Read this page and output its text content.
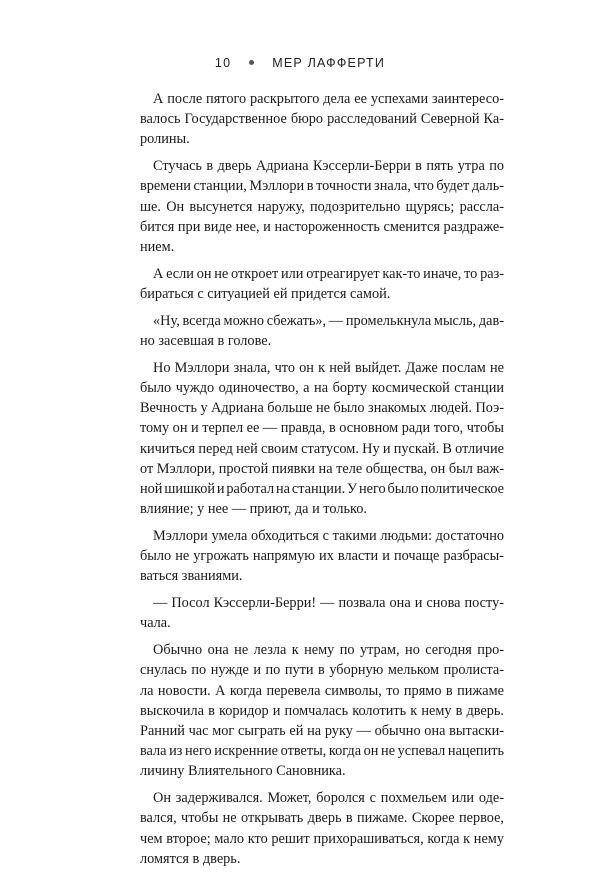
10	МЕР ЛАФФЕРТИ

А после пятого раскрытого дела ее успехами заинтересо-
валось Государственное бюро расследований Северной Ка-
ролины.

Стучась в дверь Адриана Кэссерли-Берри в пять утра по
времени станции, Мэллори в точности знала, что будет даль-
ше. Он высунется наружу, подозрительно щурясь; расслa-
бится при виде нее, и настороженность сменится раздраже-
нием.

А если он не откроет или отреагирует как-то иначе, то раз-
бираться с ситуацией ей придется самой.

«Ну, всегда можно сбежать», — промелькнула мысль, дав-
но засевшая в голове.

Но Мэллори знала, что он к ней выйдет. Даже послам не
было чуждо одиночество, а на борту космической станции
Вечность у Адриана больше не было знакомых людей. Поэ-
тому он и терпел ее — правда, в основном ради того, чтобы
кичиться перед ней своим статусом. Ну и пускай. В отличие
от Мэллори, простой пиявки на теле общества, он был важ-
ной шишкой и работал на станции. У него было политическое
влияние; у нее — приют, да и только.

Мэллори умела обходиться с такими людьми: достаточно
было не угрожать напрямую их власти и почаще разбрасы-
ваться званиями.

— Посол Кэссерли-Берри! — позвала она и снова посту-
чала.

Обычно она не лезла к нему по утрам, но сегодня про-
снулась по нужде и по пути в уборную мельком пролиста-
ла новости. А когда перевела символы, то прямо в пижаме
выскочила в коридор и помчалась колотить к нему в дверь.
Ранний час мог сыграть ей на руку — обычно она вытаски-
вала из него искренние ответы, когда он не успевал нацепить
личину Влиятельного Сановника.

Он задерживался. Может, боролся с похмельем или оде-
вался, чтобы не открывать дверь в пижаме. Скорее первое,
чем второе; мало кто решит прихорашиваться, когда к нему
ломятся в дверь.
